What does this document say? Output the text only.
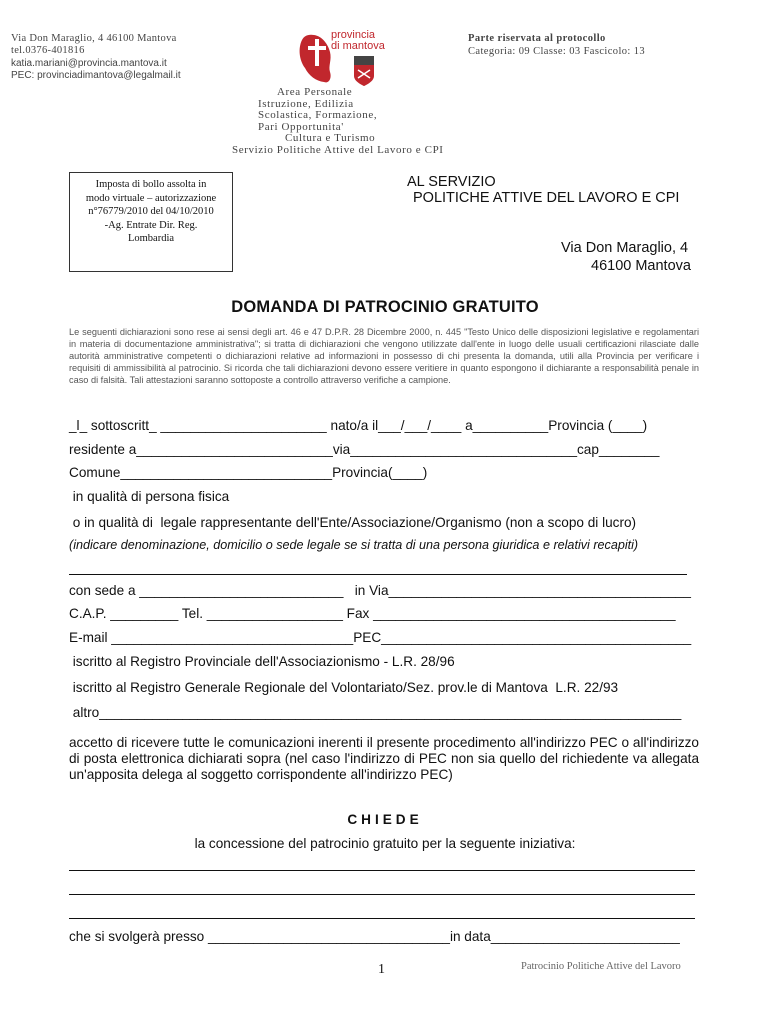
Via Don Maraglio, 4 46100 Mantova
tel.0376-401816
katia.mariani@provincia.mantova.it
PEC: provinciadimantova@legalmail.it
provincia
di mantova
Parte riservata al protocollo
Categoria: 09 Classe: 03 Fascicolo: 13
Area Personale
Istruzione, Edilizia
Scolastica, Formazione,
Pari Opportunita'
Cultura e Turismo
Servizio Politiche Attive del Lavoro e CPI
Imposta di bollo assolta in
modo virtuale – autorizzazione
n°76779/2010 del 04/10/2010
-Ag. Entrate Dir. Reg.
Lombardia
AL SERVIZIO
POLITICHE ATTIVE DEL LAVORO E CPI
Via Don Maraglio, 4
46100 Mantova
DOMANDA DI PATROCINIO GRATUITO
Le seguenti dichiarazioni sono rese ai sensi degli art. 46 e 47 D.P.R. 28 Dicembre 2000, n. 445 "Testo Unico delle disposizioni legislative e regolamentari in materia di documentazione amministrativa"; si tratta di dichiarazioni che vengono utilizzate dall'ente in luogo delle usuali certificazioni rilasciate dalle autorità amministrative competenti o dichiarazioni relative ad informazioni in possesso di chi presenta la domanda, utili alla Provincia per verificare i requisiti di ammissibilità al patrocinio. Si ricorda che tali dichiarazioni devono essere veritiere in quanto espongono il dichiarante a responsabilità penale in caso di falsità. Tali attestazioni saranno sottoposte a controllo attraverso verifiche a campione.
_l_ sottoscritt_ ______________________ nato/a il___/___/____ a__________Provincia (____)
residente a__________________________via______________________________cap________
Comune____________________________Provincia(____)
in qualità di persona fisica
o in qualità di  legale rappresentante dell'Ente/Associazione/Organismo (non a scopo di lucro)
(indicare denominazione, domicilio o sede legale se si tratta di una persona giuridica e relativi recapiti)
con sede a ___________________________   in Via________________________________________
C.A.P. _________ Tel. __________________ Fax ________________________________________
E-mail ________________________________PEC_________________________________________
iscritto al Registro Provinciale dell'Associazionismo - L.R. 28/96
iscritto al Registro Generale Regionale del Volontariato/Sez. prov.le di Mantova  L.R. 22/93
altro_____________________________________________________________________________
accetto di ricevere tutte le comunicazioni inerenti il presente procedimento all'indirizzo PEC o all'indirizzo di posta elettronica dichiarati sopra (nel caso l'indirizzo di PEC non sia quello del richiedente va allegata un'apposita delega al soggetto corrispondente all'indirizzo PEC)
CHIEDE
la concessione del patrocinio gratuito per la seguente iniziativa:
che si svolgerà presso ________________________________in data_________________________
1	Patrocinio Politiche Attive del Lavoro
